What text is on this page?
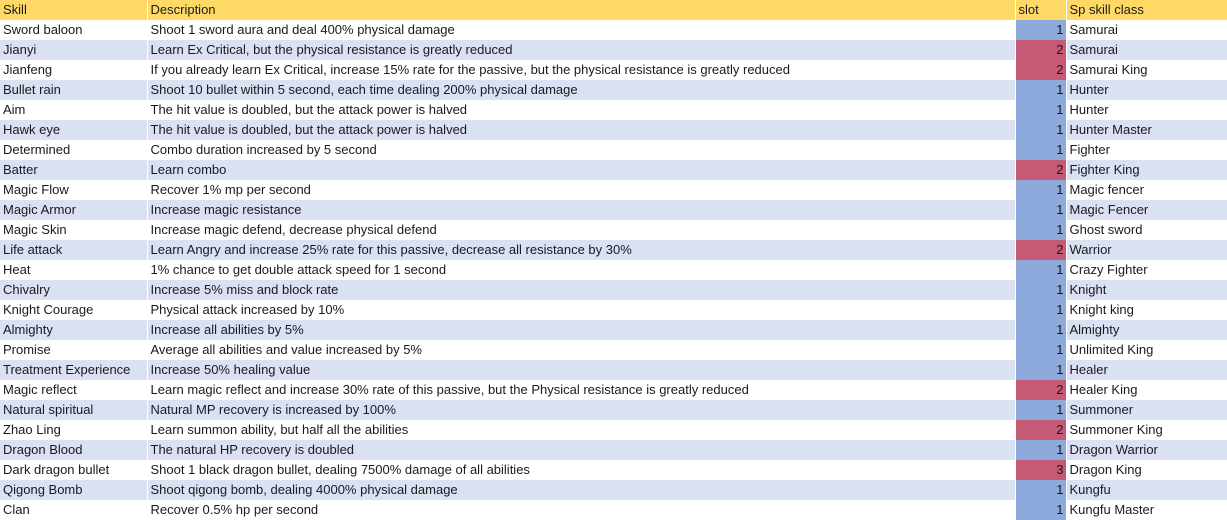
Skill	Description	slot	Sp skill class
Sword baloon	Shoot 1 sword aura and deal 400% physical damage	1	Samurai
Jianyi	Learn Ex Critical, but the physical resistance is greatly reduced	2	Samurai
Jianfeng	If you already learn Ex Critical, increase 15% rate for the passive, but the physical resistance is greatly reduced	2	Samurai King
Bullet rain	Shoot 10 bullet within 5 second, each time dealing 200% physical damage	1	Hunter
Aim	The hit value is doubled, but the attack power is halved	1	Hunter
Hawk eye	The hit value is doubled, but the attack power is halved	1	Hunter Master
Determined	Combo duration increased by 5 second	1	Fighter
Batter	Learn combo	2	Fighter King
Magic Flow	Recover 1% mp per second	1	Magic fencer
Magic Armor	Increase magic resistance	1	Magic Fencer
Magic Skin	Increase magic defend, decrease physical defend	1	Ghost sword
Life attack	Learn Angry and increase 25% rate for this passive, decrease all resistance by 30%	2	Warrior
Heat	1% chance to get double attack speed for 1 second	1	Crazy Fighter
Chivalry	Increase 5% miss and block rate	1	Knight
Knight Courage	Physical attack increased by 10%	1	Knight king
Almighty	Increase all abilities by 5%	1	Almighty
Promise	Average all abilities and value increased by 5%	1	Unlimited King
Treatment Experience	Increase 50% healing value	1	Healer
Magic reflect	Learn magic reflect and increase 30% rate of this passive, but the Physical resistance is greatly reduced	2	Healer King
Natural spiritual	Natural MP recovery is increased by 100%	1	Summoner
Zhao Ling	Learn summon ability, but half all the abilities	2	Summoner King
Dragon Blood	The natural HP recovery is doubled	1	Dragon Warrior
Dark dragon bullet	Shoot 1 black dragon bullet, dealing 7500% damage of all abilities	3	Dragon King
Qigong Bomb	Shoot qigong bomb, dealing 4000% physical damage	1	Kungfu
Clan	Recover 0.5% hp per second	1	Kungfu Master
